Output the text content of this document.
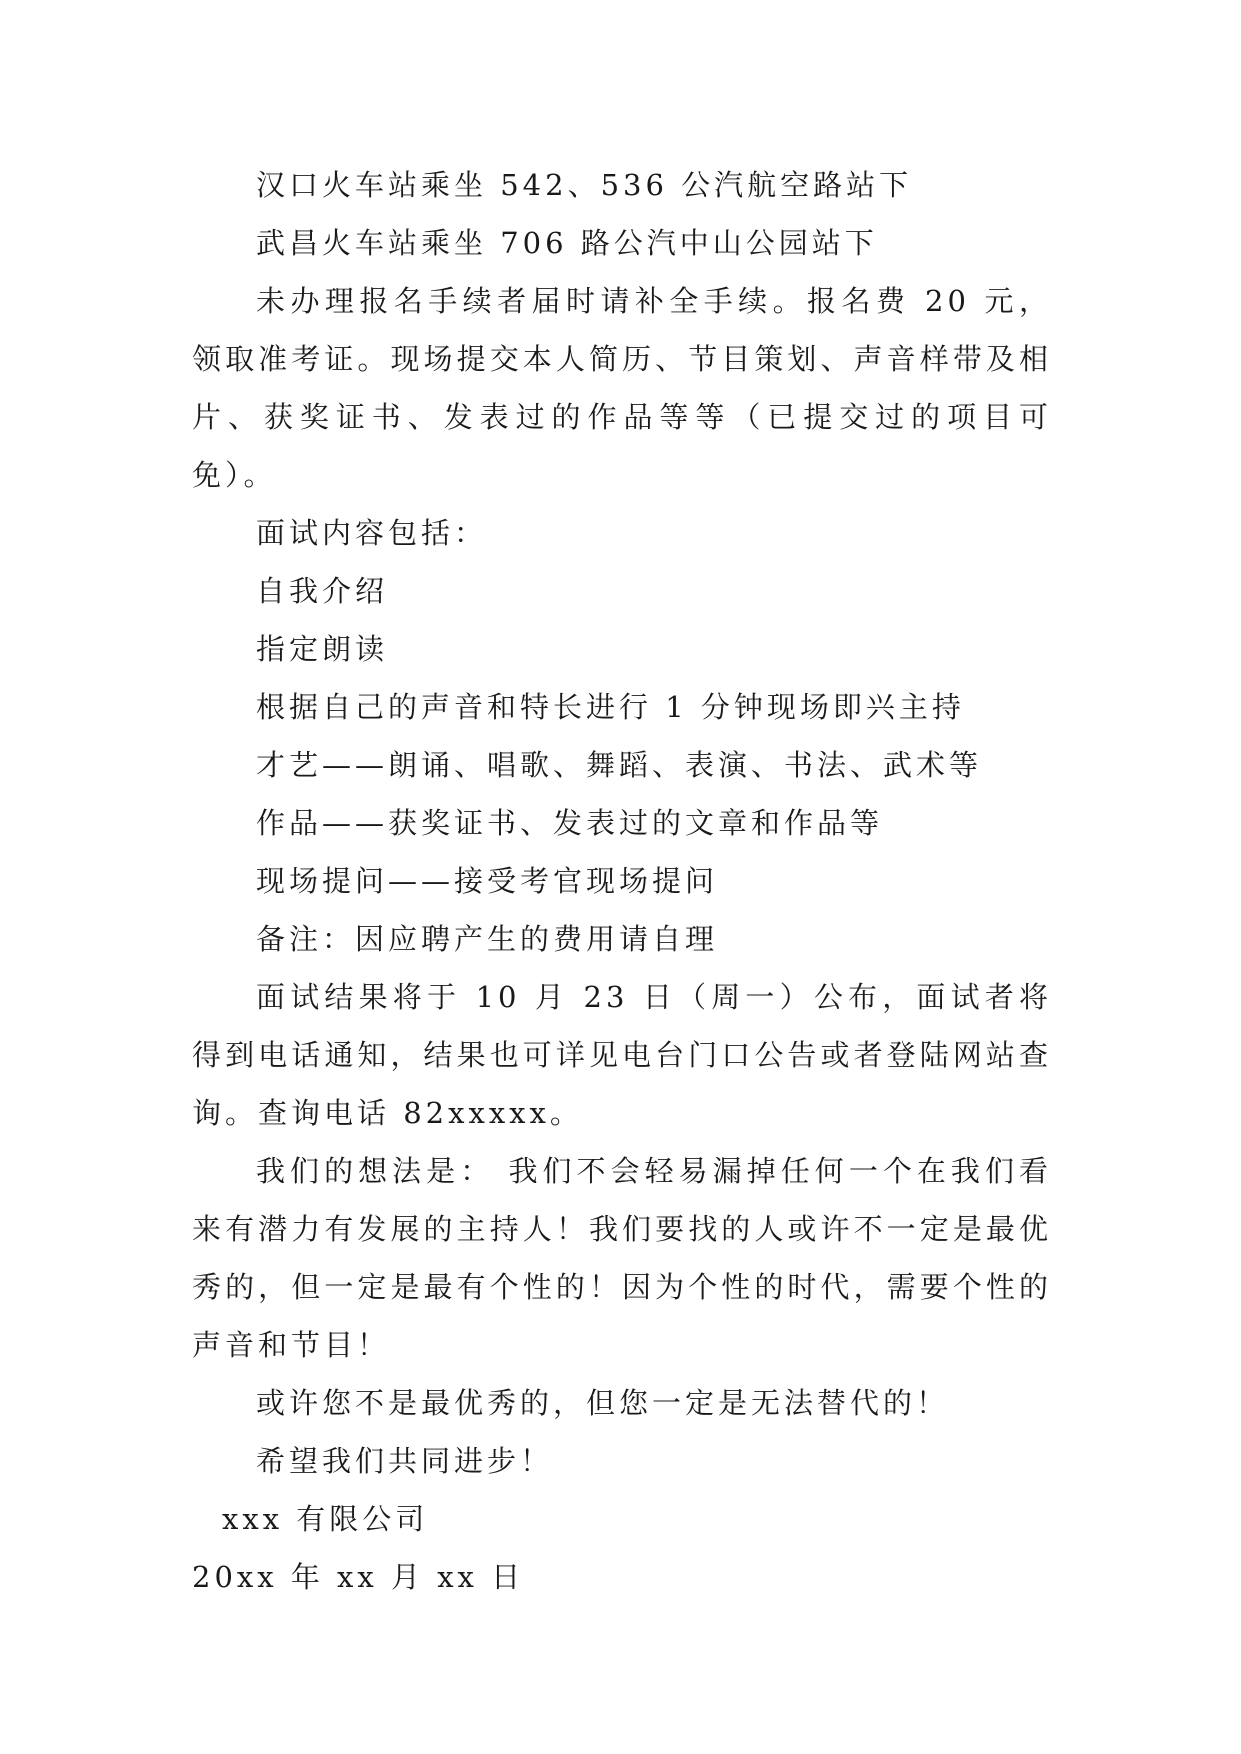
汉口火车站乘坐 542、536 公汽航空路站下

武昌火车站乘坐 706 路公汽中山公园站下

未办理报名手续者届时请补全手续。报名费 20 元，领取准考证。现场提交本人简历、节目策划、声音样带及相片、获奖证书、发表过的作品等等（已提交过的项目可免）。

面试内容包括：

自我介绍

指定朗读

根据自己的声音和特长进行 1 分钟现场即兴主持

才艺——朗诵、唱歌、舞蹈、表演、书法、武术等

作品——获奖证书、发表过的文章和作品等

现场提问——接受考官现场提问

备注：因应聘产生的费用请自理

面试结果将于 10 月 23 日（周一）公布，面试者将得到电话通知，结果也可详见电台门口公告或者登陆网站查询。查询电话 82xxxxx。

我们的想法是： 我们不会轻易漏掉任何一个在我们看来有潜力有发展的主持人！我们要找的人或许不一定是最优秀的，但一定是最有个性的！因为个性的时代，需要个性的声音和节目！

或许您不是最优秀的，但您一定是无法替代的！

希望我们共同进步！

xxx 有限公司

20xx 年 xx 月 xx 日
